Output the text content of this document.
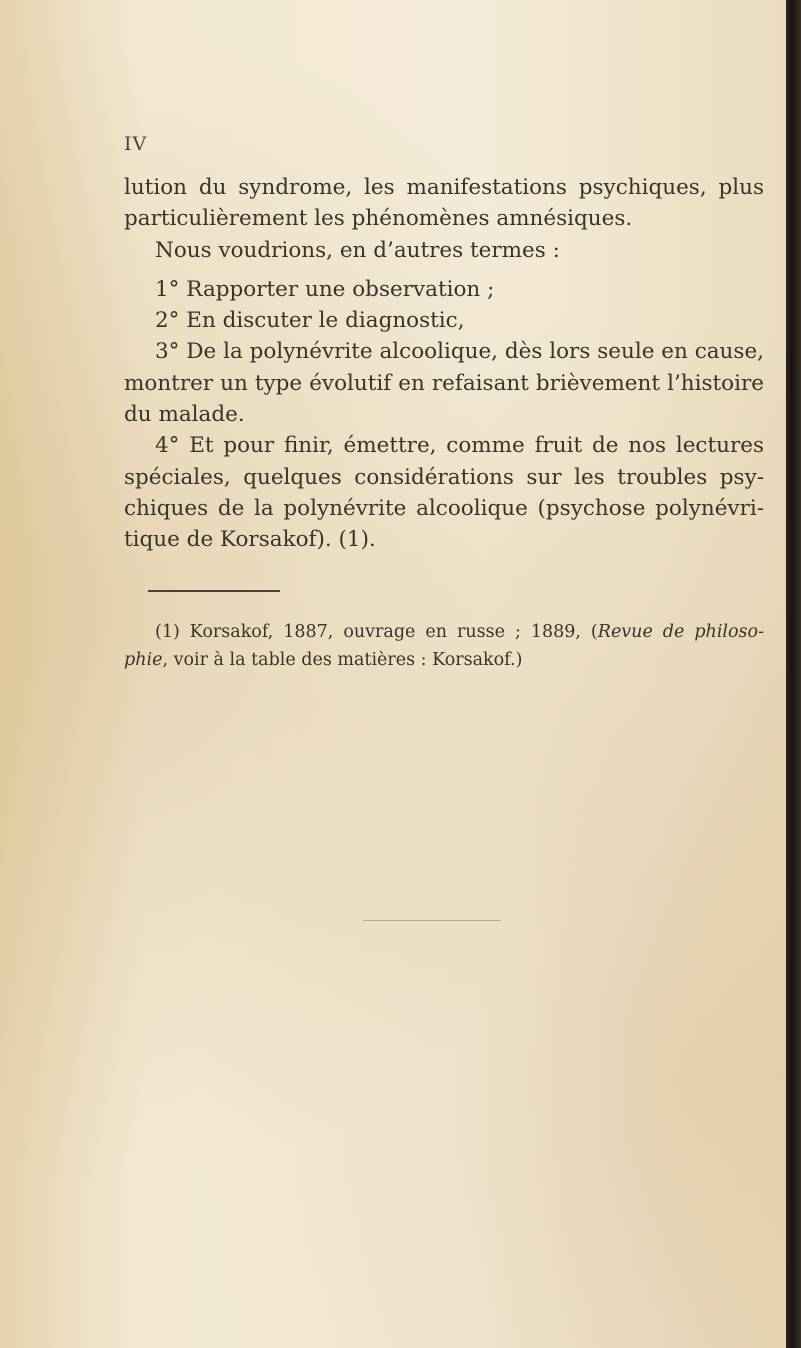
IV

lution du syndrome, les manifestations psychiques, plus

particulièrement les phénomènes amnésiques.

Nous voudrions, en d’autres termes :

1° Rapporter une observation ;

2° En discuter le diagnostic,

3° De la polynévrite alcoolique, dès lors seule en cause,

montrer un type évolutif en refaisant brièvement l’histoire

du malade.

4° Et pour finir, émettre, comme fruit de nos lectures

spéciales, quelques considérations sur les troubles psy-

chiques de la polynévrite alcoolique (psychose polynévri-

tique de Korsakof). (1).

(1) Korsakof, 1887, ouvrage en russe ; 1889, (Revue de philoso-

phie, voir à la table des matières : Korsakof.)
